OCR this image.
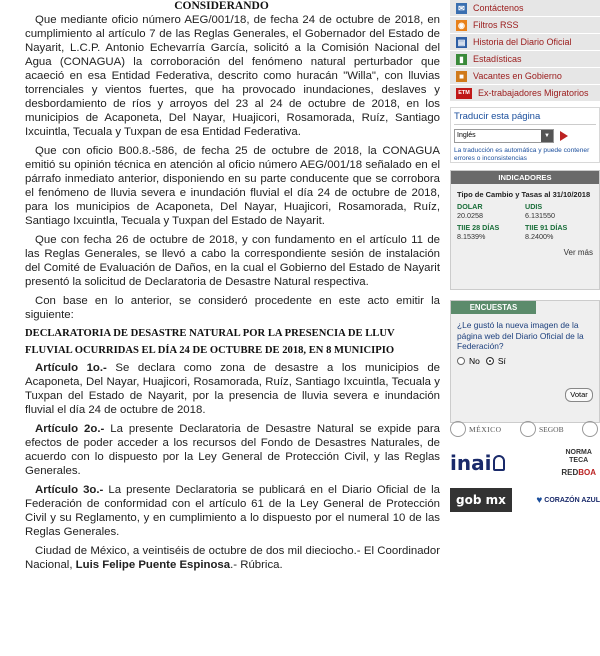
CONSIDERANDO

Que mediante oficio número AEG/001/18, de fecha 24 de octubre de 2018, en cumplimiento al artículo 7 de las Reglas Generales, el Gobernador del Estado de Nayarit, L.C.P. Antonio Echevarría García, solicitó a la Comisión Nacional del Agua (CONAGUA) la corroboración del fenómeno natural perturbador que acaeció en esa Entidad Federativa, descrito como huracán "Willa", con lluvias torrenciales y vientos fuertes, que ha provocado inundaciones, deslaves y desbordamiento de ríos y arroyos del 23 al 24 de octubre de 2018, en los municipios de Acaponeta, Del Nayar, Huajicori, Rosamorada, Ruíz, Santiago Ixcuintla, Tecuala y Tuxpan de esa Entidad Federativa.

Que con oficio B00.8.-586, de fecha 25 de octubre de 2018, la CONAGUA emitió su opinión técnica en atención al oficio número AEG/001/18 señalado en el párrafo inmediato anterior, disponiendo en su parte conducente que se corrobora el fenómeno de lluvia severa e inundación fluvial el día 24 de octubre de 2018, para los municipios de Acaponeta, Del Nayar, Huajicori, Rosamorada, Ruíz, Santiago Ixcuintla, Tecuala y Tuxpan del Estado de Nayarit.

Que con fecha 26 de octubre de 2018, y con fundamento en el artículo 11 de las Reglas Generales, se llevó a cabo la correspondiente sesión de instalación del Comité de Evaluación de Daños, en la cual el Gobierno del Estado de Nayarit presentó la solicitud de Declaratoria de Desastre Natural respectiva.

Con base en lo anterior, se consideró procedente en este acto emitir la siguiente:

DECLARATORIA DE DESASTRE NATURAL POR LA PRESENCIA DE LLUV
FLUVIAL OCURRIDAS EL DÍA 24 DE OCTUBRE DE 2018, EN 8 MUNICIPIO

Artículo 1o.- Se declara como zona de desastre a los municipios de Acaponeta, Del Nayar, Huajicori, Rosamorada, Ruíz, Santiago Ixcuintla, Tecuala y Tuxpan del Estado de Nayarit, por la presencia de lluvia severa e inundación fluvial el día 24 de octubre de 2018.

Artículo 2o.- La presente Declaratoria de Desastre Natural se expide para efectos de poder acceder a los recursos del Fondo de Desastres Naturales, de acuerdo con lo dispuesto por la Ley General de Protección Civil, y las Reglas Generales.

Artículo 3o.- La presente Declaratoria se publicará en el Diario Oficial de la Federación de conformidad con el artículo 61 de la Ley General de Protección Civil y su Reglamento, y en cumplimiento a lo dispuesto por el numeral 10 de las Reglas Generales.

Ciudad de México, a veintiséis de octubre de dos mil dieciocho.- El Coordinador Nacional, Luis Felipe Puente Espinosa.- Rúbrica.

✉ Contáctenos
◉ Filtros RSS
▤ Historia del Diario Oficial
▮	Estadísticas
■	Vacantes en Gobierno
ETM Ex-trabajadores Migratorios
Traducir esta página
Inglés	▼
La traducción es automática y puede contener errores o inconsistencias
INDICADORES
Tipo de Cambio y Tasas al 31/10/2018
DOLAR
20.0258
UDIS
6.131550
TIIE 28 DÍAS
8.1539%
TIIE 91 DÍAS
8.2400%
Ver más
ENCUESTAS
¿Le gustó la nueva imagen de la página web del Diario Oficial de la Federación?
No Sí
Votar
MÉXICO	SEGOB
inai	NORMA
TECA
REDBOA
gob mx	♥ CORAZÓN AZUL
